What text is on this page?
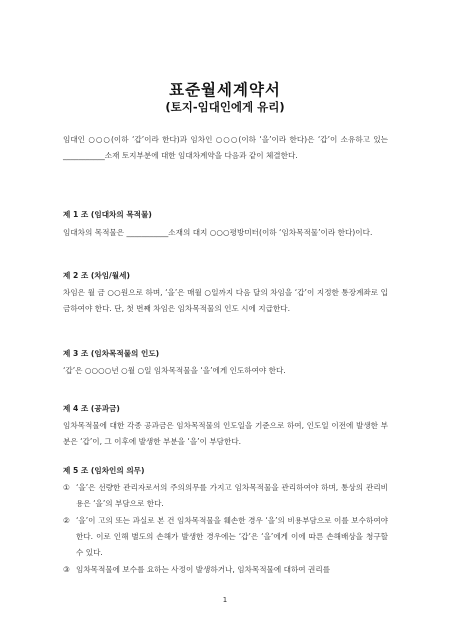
표준월세계약서
(토지-임대인에게 유리)
임대인 ○○○(이하 ‘갑’이라 한다)과 임차인 ○○○(이하 ‘을’이라 한다)은 ‘갑’이 소유하고 있는 ___________소재 토지부분에 대한 임대차계약을 다음과 같이 체결한다.
제 1 조 (임대차의 목적물)
임대차의 목적물은 ___________소재의 대지 ○○○평방미터(이하 ‘임차목적물’이라 한다)이다.
제 2 조 (차임/월세)
차임은 월 금 ○○원으로 하며, ‘을’은 매월 ○일까지 다음 달의 차임을 ‘갑’이 지정한 통장계좌로 입금하여야 한다. 단, 첫 번째 차임은 임차목적물의 인도 시에 지급한다.
제 3 조 (임차목적물의 인도)
‘갑’은 ○○○○년 ○월 ○일 임차목적물을 ‘을’에게 인도하여야 한다.
제 4 조 (공과금)
임차목적물에 대한 각종 공과금은 임차목적물의 인도일을 기준으로 하여, 인도일 이전에 발생한 부분은 ‘갑’이, 그 이후에 발생한 부분을 ‘을’이 부담한다.
제 5 조 (임차인의 의무)
① ‘을’은 선량한 관리자로서의 주의의무를 가지고 임차목적물을 관리하여야 하며, 통상의 관리비용은 ‘을’의 부담으로 한다.
② ‘을’이 고의 또는 과실로 본 건 임차목적물을 훼손한 경우 ‘을’의 비용부담으로 이를 보수하여야 한다. 이로 인해 별도의 손해가 발생한 경우에는 ‘갑’은 ‘을’에게 이에 따른 손해배상을 청구할 수 있다.
③ 임차목적물에 보수를 요하는 사정이 발생하거나, 임차목적물에 대하여 권리를
1
